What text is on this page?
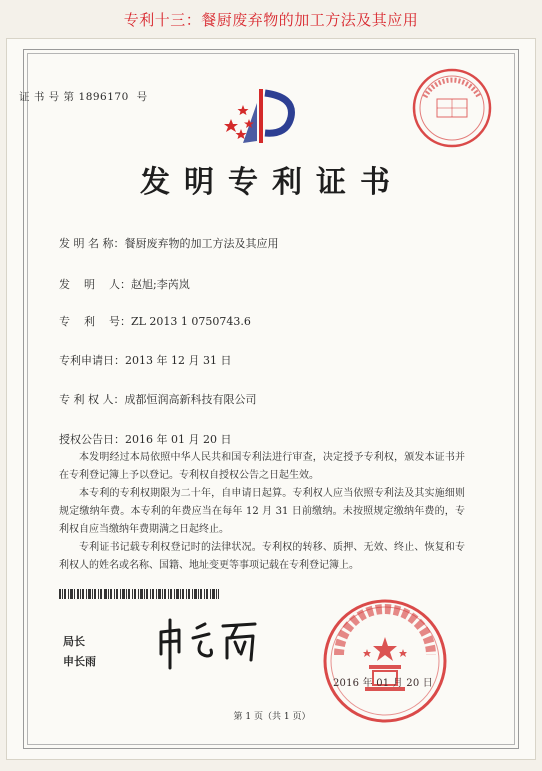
专利十三：餐厨废弃物的加工方法及其应用
证 书 号 第 1896170 号
发明专利证书
发 明 名 称：餐厨废弃物的加工方法及其应用
发    明    人：赵旭;李芮岚
专    利    号：ZL 2013 1 0750743.6
专利申请日：2013 年 12 月 31 日
专 利 权 人：成都恒润高新科技有限公司
授权公告日：2016 年 01 月 20 日

本发明经过本局依照中华人民共和国专利法进行审查，决定授予专利权，颁发本证书并在专利登记簿上予以登记。专利权自授权公告之日起生效。

本专利的专利权期限为二十年，自申请日起算。专利权人应当依照专利法及其实施细则规定缴纳年费。本专利的年费应当在每年 12 月 31 日前缴纳。未按照规定缴纳年费的，专利权自应当缴纳年费期满之日起终止。

专利证书记载专利权登记时的法律状况。专利权的转移、质押、无效、终止、恢复和专利权人的姓名或名称、国籍、地址变更等事项记载在专利登记簿上。

局长
申长雨
2016 年 01 月 20 日
第 1 页（共 1 页）
